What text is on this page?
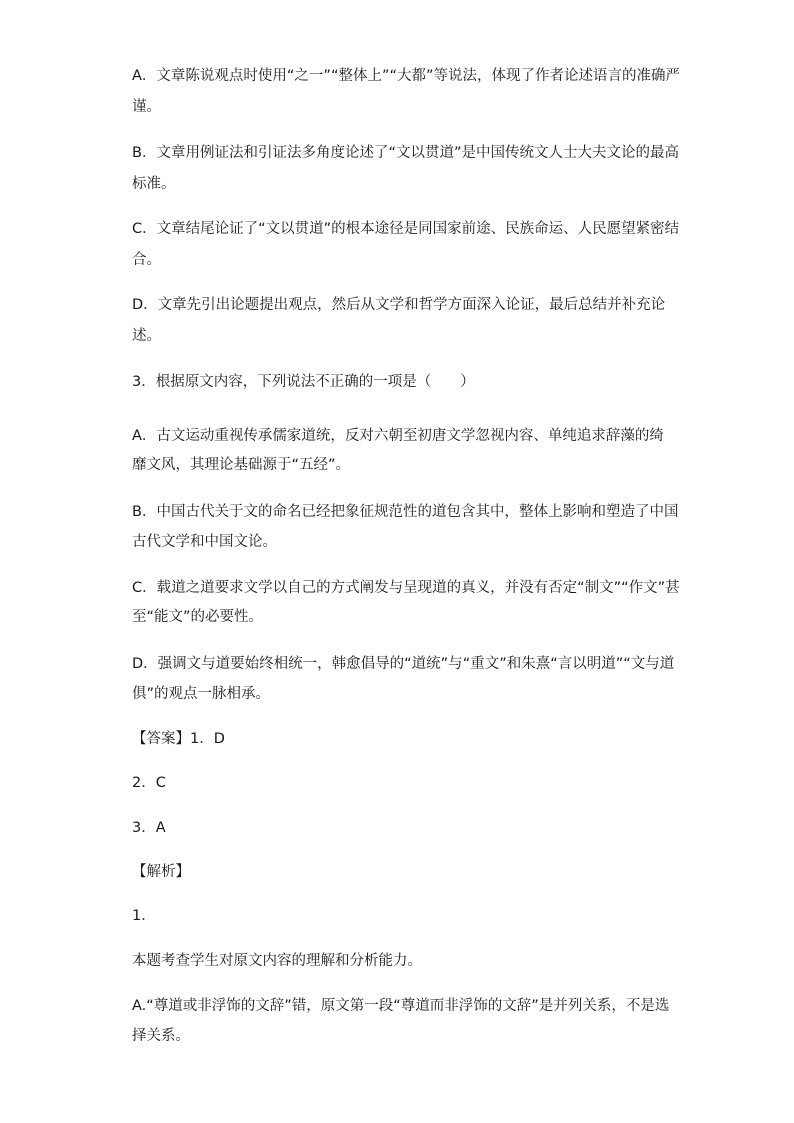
A．文章陈说观点时使用“之一”“整体上”“大都”等说法，体现了作者论述语言的准确严
谨。
B．文章用例证法和引证法多角度论述了“文以贯道”是中国传统文人士大夫文论的最高
标准。
C．文章结尾论证了“文以贯道”的根本途径是同国家前途、民族命运、人民愿望紧密结
合。
D．文章先引出论题提出观点，然后从文学和哲学方面深入论证，最后总结并补充论
述。
3．根据原文内容，下列说法不正确的一项是（　　）
A．古文运动重视传承儒家道统，反对六朝至初唐文学忽视内容、单纯追求辞藻的绮
靡文风，其理论基础源于“五经”。
B．中国古代关于文的命名已经把象征规范性的道包含其中，整体上影响和塑造了中国
古代文学和中国文论。
C．载道之道要求文学以自己的方式阐发与呈现道的真义，并没有否定“制文”“作文”甚
至“能文”的必要性。
D．强调文与道要始终相统一，韩愈倡导的“道统”与“重文”和朱熹“言以明道”“文与道
俱”的观点一脉相承。
【答案】1．D
2．C
3．A
【解析】
1．
本题考查学生对原文内容的理解和分析能力。
A.“尊道或非浮饰的文辞”错，原文第一段“尊道而非浮饰的文辞”是并列关系，不是选
择关系。
